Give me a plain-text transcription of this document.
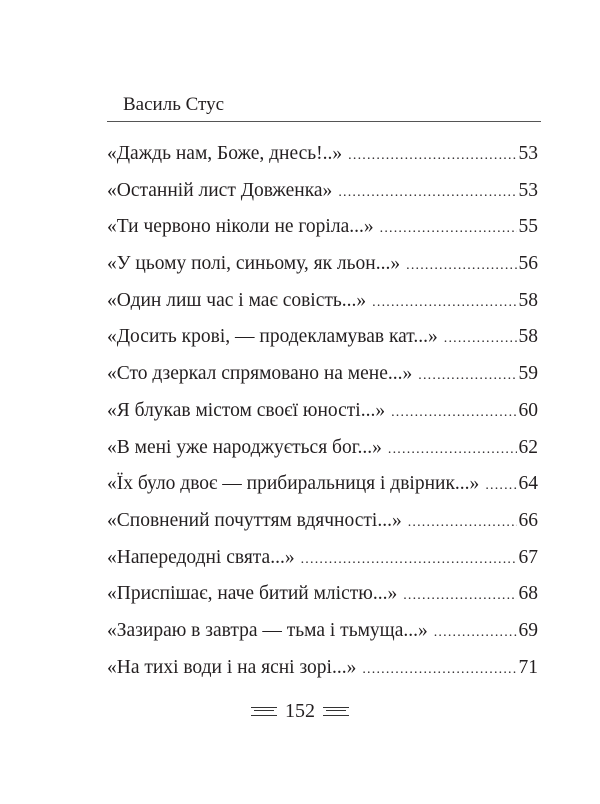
Василь Стус
«Даждь нам, Боже, днесь!..» .....	53
«Останній лист Довженка» .....	53
«Ти червоно ніколи не горіла...» .....	55
«У цьому полі, синьому, як льон...» .....	56
«Один лиш час і має совість...» .....	58
«Досить крові, — продекламував кат...» .....	58
«Сто дзеркал спрямовано на мене...» .....	59
«Я блукав містом своєї юності...» .....	60
«В мені уже народжується бог...» .....	62
«Їх було двоє — прибиральниця і двірник...» .....	64
«Сповнений почуттям вдячності...» .....	66
«Напередодні свята...» .....	67
«Приспішає, наче битий млістю...» .....	68
«Зазираю в завтра — тьма і тьмуща...» .....	69
«На тихі води і на ясні зорі...» .....	71
152
